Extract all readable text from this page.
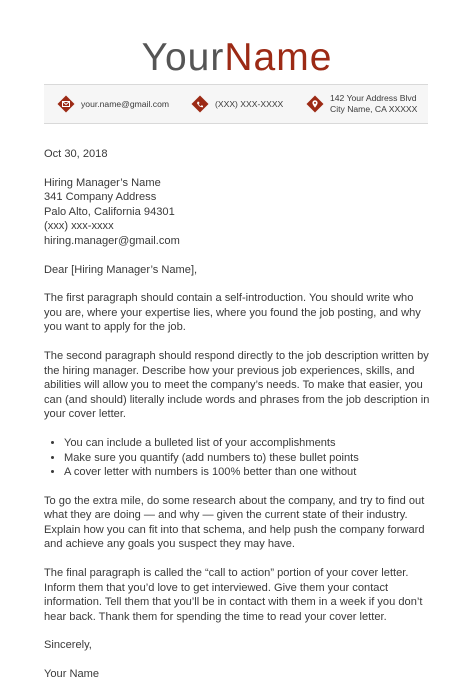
YourName
your.name@gmail.com	(XXX) XXX-XXXX
142 Your Address Blvd
City Name, CA XXXXX

Oct 30, 2018

Hiring Manager’s Name
341 Company Address
Palo Alto, California 94301
(xxx) xxx-xxxx
hiring.manager@gmail.com

Dear [Hiring Manager’s Name],

The first paragraph should contain a self-introduction. You should write who you are, where your expertise lies, where you found the job posting, and why you want to apply for the job.

The second paragraph should respond directly to the job description written by the hiring manager. Describe how your previous job experiences, skills, and abilities will allow you to meet the company’s needs. To make that easier, you can (and should) literally include words and phrases from the job description in your cover letter.

• You can include a bulleted list of your accomplishments
• Make sure you quantify (add numbers to) these bullet points
• A cover letter with numbers is 100% better than one without

To go the extra mile, do some research about the company, and try to find out what they are doing — and why — given the current state of their industry. Explain how you can fit into that schema, and help push the company forward and achieve any goals you suspect they may have.

The final paragraph is called the “call to action” portion of your cover letter. Inform them that you’d love to get interviewed. Give them your contact information. Tell them that you’ll be in contact with them in a week if you don’t hear back. Thank them for spending the time to read your cover letter.

Sincerely,

Your Name
